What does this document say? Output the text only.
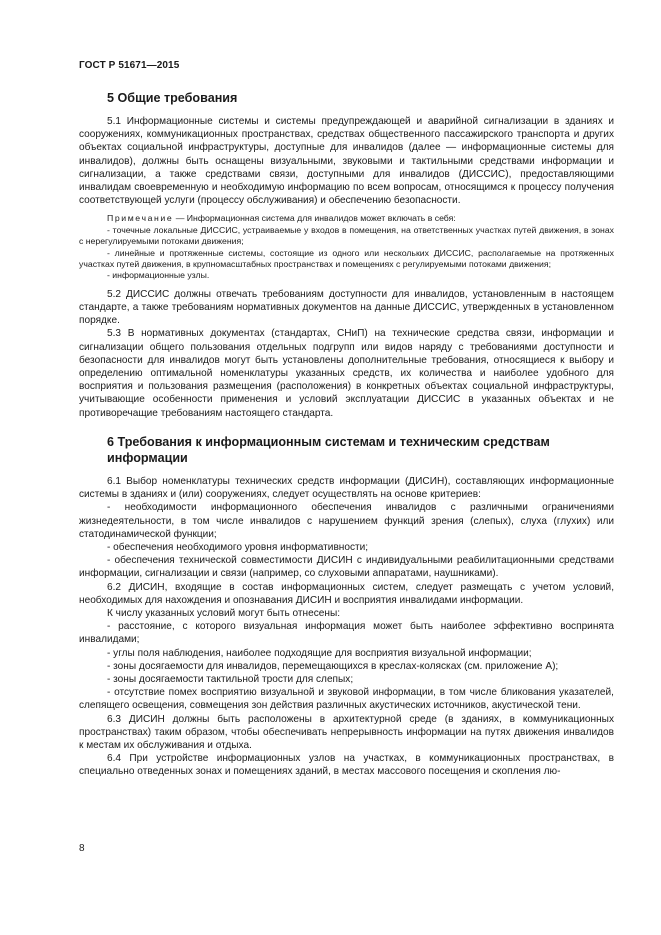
ГОСТ Р 51671—2015
5 Общие требования

5.1 Информационные системы и системы предупреждающей и аварийной сигнализации в зданиях и сооружениях, коммуникационных пространствах, средствах общественного пассажирского транспорта и других объектах социальной инфраструктуры, доступные для инвалидов (далее — информационные системы для инвалидов), должны быть оснащены визуальными, звуковыми и тактильными средствами информации и сигнализации, а также средствами связи, доступными для инвалидов (ДИССИС), предоставляющими инвалидам своевременную и необходимую информацию по всем вопросам, относящимся к процессу получения соответствующей услуги (процессу обслуживания) и обеспечению безопасности.

Примечание — Информационная система для инвалидов может включать в себя:

- точечные локальные ДИССИС, устраиваемые у входов в помещения, на ответственных участках путей движения, в зонах с нерегулируемыми потоками движения;

- линейные и протяженные системы, состоящие из одного или нескольких ДИССИС, располагаемые на протяженных участках путей движения, в крупномасштабных пространствах и помещениях с регулируемыми потоками движения;

- информационные узлы.

5.2 ДИССИС должны отвечать требованиям доступности для инвалидов, установленным в настоящем стандарте, а также требованиям нормативных документов на данные ДИССИС, утвержденных в установленном порядке.

5.3 В нормативных документах (стандартах, СНиП) на технические средства связи, информации и сигнализации общего пользования отдельных подгрупп или видов наряду с требованиями доступности и безопасности для инвалидов могут быть установлены дополнительные требования, относящиеся к выбору и определению оптимальной номенклатуры указанных средств, их количества и наиболее удобного для восприятия и пользования размещения (расположения) в конкретных объектах социальной инфраструктуры, учитывающие особенности применения и условий эксплуатации ДИССИС в указанных объектах и не противоречащие требованиям настоящего стандарта.

6 Требования к информационным системам и техническим средствам информации

6.1 Выбор номенклатуры технических средств информации (ДИСИН), составляющих информационные системы в зданиях и (или) сооружениях, следует осуществлять на основе критериев:

- необходимости информационного обеспечения инвалидов с различными ограничениями жизнедеятельности, в том числе инвалидов с нарушением функций зрения (слепых), слуха (глухих) или статодинамической функции;

- обеспечения необходимого уровня информативности;

- обеспечения технической совместимости ДИСИН с индивидуальными реабилитационными средствами информации, сигнализации и связи (например, со слуховыми аппаратами, наушниками).

6.2 ДИСИН, входящие в состав информационных систем, следует размещать с учетом условий, необходимых для нахождения и опознавания ДИСИН и восприятия инвалидами информации.

К числу указанных условий могут быть отнесены:

- расстояние, с которого визуальная информация может быть наиболее эффективно воспринята инвалидами;

- углы поля наблюдения, наиболее подходящие для восприятия визуальной информации;

- зоны досягаемости для инвалидов, перемещающихся в креслах-колясках (см. приложение А);

- зоны досягаемости тактильной трости для слепых;

- отсутствие помех восприятию визуальной и звуковой информации, в том числе бликования указателей, слепящего освещения, совмещения зон действия различных акустических источников, акустической тени.

6.3 ДИСИН должны быть расположены в архитектурной среде (в зданиях, в коммуникационных пространствах) таким образом, чтобы обеспечивать непрерывность информации на путях движения инвалидов к местам их обслуживания и отдыха.

6.4 При устройстве информационных узлов на участках, в коммуникационных пространствах, в специально отведенных зонах и помещениях зданий, в местах массового посещения и скопления лю-

8
